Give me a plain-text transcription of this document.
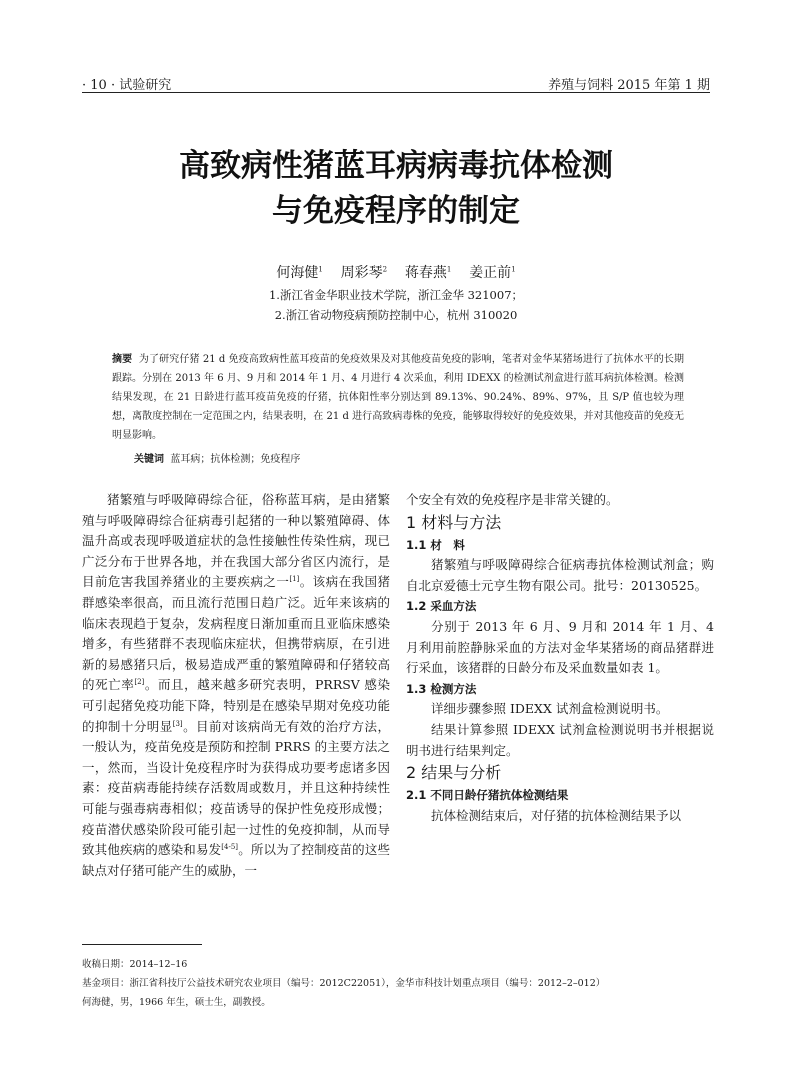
· 10 · 试验研究	养殖与饲料 2015 年第 1 期
高致病性猪蓝耳病病毒抗体检测
与免疫程序的制定
何海健$^1$ 周彩琴$^2$ 蒋春燕$^1$ 姜正前$^1$
1.浙江省金华职业技术学院，浙江金华 321007；
2.浙江省动物疫病预防控制中心，杭州 310020
摘要 为了研究仔猪 21 d 免疫高致病性蓝耳疫苗的免疫效果及对其他疫苗免疫的影响，笔者对金华某猪场进行了抗体水平的长期跟踪。分别在 2013 年 6 月、9 月和 2014 年 1 月、4 月进行 4 次采血，利用 IDEXX 的检测试剂盒进行蓝耳病抗体检测。检测结果发现，在 21 日龄进行蓝耳疫苗免疫的仔猪，抗体阳性率分别达到 89.13%、90.24%、89%、97%，且 S/P 值也较为理想，离散度控制在一定范围之内，结果表明，在 21 d 进行高致病毒株的免疫，能够取得较好的免疫效果，并对其他疫苗的免疫无明显影响。
关键词 蓝耳病；抗体检测；免疫程序

猪繁殖与呼吸障碍综合征，俗称蓝耳病，是由猪繁殖与呼吸障碍综合征病毒引起猪的一种以繁殖障碍、体温升高或表现呼吸道症状的急性接触性传染性病，现已广泛分布于世界各地，并在我国大部分省区内流行，是目前危害我国养猪业的主要疾病之一[1]。该病在我国猪群感染率很高，而且流行范围日趋广泛。近年来该病的临床表现趋于复杂，发病程度日渐加重而且亚临床感染增多，有些猪群不表现临床症状，但携带病原，在引进新的易感猪只后，极易造成严重的繁殖障碍和仔猪较高的死亡率[2]。而且，越来越多研究表明，PRRSV 感染可引起猪免疫功能下降，特别是在感染早期对免疫功能的抑制十分明显[3]。目前对该病尚无有效的治疗方法，一般认为，疫苗免疫是预防和控制 PRRS 的主要方法之一，然而，当设计免疫程序时为获得成功要考虑诸多因素：疫苗病毒能持续存活数周或数月，并且这种持续性可能与强毒病毒相似；疫苗诱导的保护性免疫形成慢；疫苗潜伏感染阶段可能引起一过性的免疫抑制，从而导致其他疾病的感染和易发[4-5]。所以为了控制疫苗的这些缺点对仔猪可能产生的威胁，一

个安全有效的免疫程序是非常关键的。

1 材料与方法

1.1 材　料

猪繁殖与呼吸障碍综合征病毒抗体检测试剂盒；购自北京爱德士元亨生物有限公司。批号：20130525。

1.2 采血方法

分别于 2013 年 6 月、9 月和 2014 年 1 月、4 月利用前腔静脉采血的方法对金华某猪场的商品猪群进行采血，该猪群的日龄分布及采血数量如表 1。

1.3 检测方法

详细步骤参照 IDEXX 试剂盒检测说明书。

结果计算参照 IDEXX 试剂盒检测说明书并根据说明书进行结果判定。

2 结果与分析

2.1 不同日龄仔猪抗体检测结果

抗体检测结束后，对仔猪的抗体检测结果予以

收稿日期：2014–12–16
基金项目：浙江省科技厅公益技术研究农业项目（编号：2012C22051），金华市科技计划重点项目（编号：2012–2–012）
何海健，男，1966 年生，硕士生，副教授。
